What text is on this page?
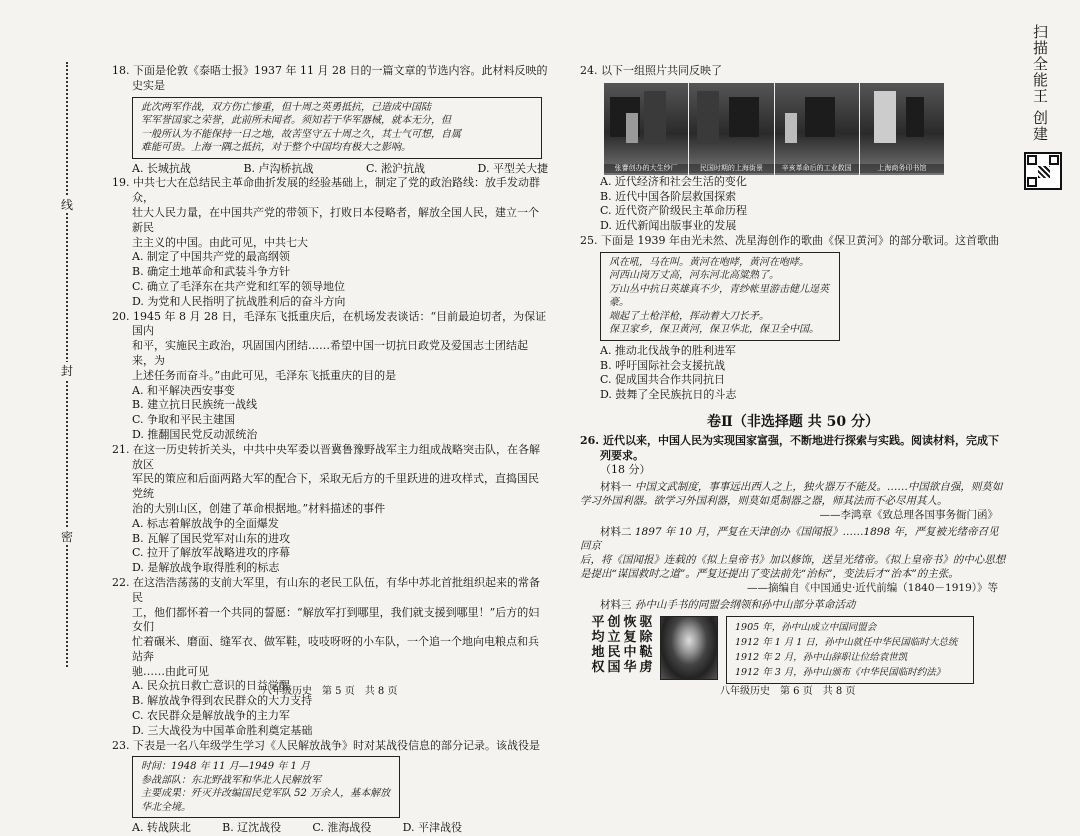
线
封
密

18. 下面是伦敦《泰晤士报》1937 年 11 月 28 日的一篇文章的节选内容。此材料反映的史实是

此次两军作战，双方伤亡惨重，但十周之英勇抵抗，已造成中国陆

军军誉国家之荣誉，此前所未闻者。须知若干华军器械，就本无分，但

一般所认为不能保持一日之地，故苦坚守五十周之久，其士气可想，自属

难能可贵。上海一隅之抵抗，对于整个中国均有极大之影响。

A. 长城抗战	B. 卢沟桥抗战	C. 淞沪抗战	D. 平型关大捷

19. 中共七大在总结民主革命曲折发展的经验基础上，制定了党的政治路线：放手发动群众，
壮大人民力量，在中国共产党的带领下，打败日本侵略者，解放全国人民，建立一个新民
主主义的中国。由此可见，中共七大

A. 制定了中国共产党的最高纲领

B. 确定土地革命和武装斗争方针

C. 确立了毛泽东在共产党和红军的领导地位

D. 为党和人民指明了抗战胜利后的奋斗方向

20. 1945 年 8 月 28 日，毛泽东飞抵重庆后，在机场发表谈话：“目前最迫切者，为保证国内
和平，实施民主政治，巩固国内团结……希望中国一切抗日政党及爱国志士团结起来，为
上述任务而奋斗。”由此可见，毛泽东飞抵重庆的目的是

A. 和平解决西安事变

B. 建立抗日民族统一战线

C. 争取和平民主建国

D. 推翻国民党反动派统治

21. 在这一历史转折关头，中共中央军委以晋冀鲁豫野战军主力组成战略突击队，在各解放区
军民的策应和后面两路大军的配合下，采取无后方的千里跃进的进攻样式，直捣国民党统
治的大别山区，创建了革命根据地。”材料描述的事件

A. 标志着解放战争的全面爆发

B. 瓦解了国民党军对山东的进攻

C. 拉开了解放军战略进攻的序幕

D. 是解放战争取得胜利的标志

22. 在这浩浩荡荡的支前大军里，有山东的老民工队伍，有华中苏北首批组织起来的常备民
工，他们都怀着一个共同的誓愿：“解放军打到哪里，我们就支援到哪里！”后方的妇女们
忙着碾米、磨面、缝军衣、做军鞋，吱吱呀呀的小车队，一个追一个地向电粮点和兵站奔
驰……由此可见

A. 民众抗日救亡意识的日益觉醒

B. 解放战争得到农民群众的大力支持

C. 农民群众是解放战争的主力军

D. 三大战役为中国革命胜利奠定基础

23. 下表是一名八年级学生学习《人民解放战争》时对某战役信息的部分记录。该战役是

时间：1948 年 11 月—1949 年 1 月

参战部队：东北野战军和华北人民解放军

主要成果：歼灭并改编国民党军队 52 万余人，基本解放华北全境。

A. 转战陕北	B. 辽沈战役	C. 淮海战役	D. 平津战役
八年级历史　第 5 页　共 8 页

24. 以下一组照片共同反映了

张謇创办的大生纱厂	民国时期的上海街景	辛亥革命后的工业救国	上海商务印书馆

A. 近代经济和社会生活的变化

B. 近代中国各阶层救国探索

C. 近代资产阶级民主革命历程

D. 近代新闻出版事业的发展

25. 下面是 1939 年由光未然、冼星海创作的歌曲《保卫黄河》的部分歌词。这首歌曲

风在吼，马在叫。黄河在咆哮，黄河在咆哮。

河西山岗万丈高，河东河北高粱熟了。

万山丛中抗日英雄真不少，青纱帐里游击健儿逞英豪。

端起了土枪洋枪，挥动着大刀长矛。

保卫家乡，保卫黄河，保卫华北，保卫全中国。

A. 推动北伐战争的胜利进军

B. 呼吁国际社会支援抗战

C. 促成国共合作共同抗日

D. 鼓舞了全民族抗日的斗志

卷Ⅱ（非选择题 共 50 分）

26. 近代以来，中国人民为实现国家富强，不断地进行探索与实践。阅读材料，完成下列要求。

（18 分）

材料一 中国文武制度，事事远出西人之上，独火器万不能及。……中国欲自强，则莫如
学习外国利器。欲学习外国利器，则莫如觅制器之器，师其法而不必尽用其人。
——李鸿章《致总理各国事务衙门函》
材料二 1897 年 10 月，严复在天津创办《国闻报》……1898 年，严复被光绪帝召见回京
后，将《国闻报》连载的《拟上皇帝书》加以修饰，送呈光绪帝。《拟上皇帝书》的中心思想
是提出“谋国救时之道”。严复还提出了变法前先“治标”，变法后才“治本”的主张。
——摘编自《中国通史·近代前编（1840－1919）》等
材料三 孙中山手书的同盟会纲领和孙中山部分革命活动
平 创 恢 驱
均 立 复 除
地 民 中 鞑
权 国 华 虏

1905 年，孙中山成立中国同盟会

1912 年 1 月 1 日，孙中山就任中华民国临时大总统

1912 年 2 月，孙中山辞职让位给袁世凯

1912 年 3 月，孙中山颁布《中华民国临时约法》

八年级历史　第 6 页　共 8 页
扫描全能王 创建
